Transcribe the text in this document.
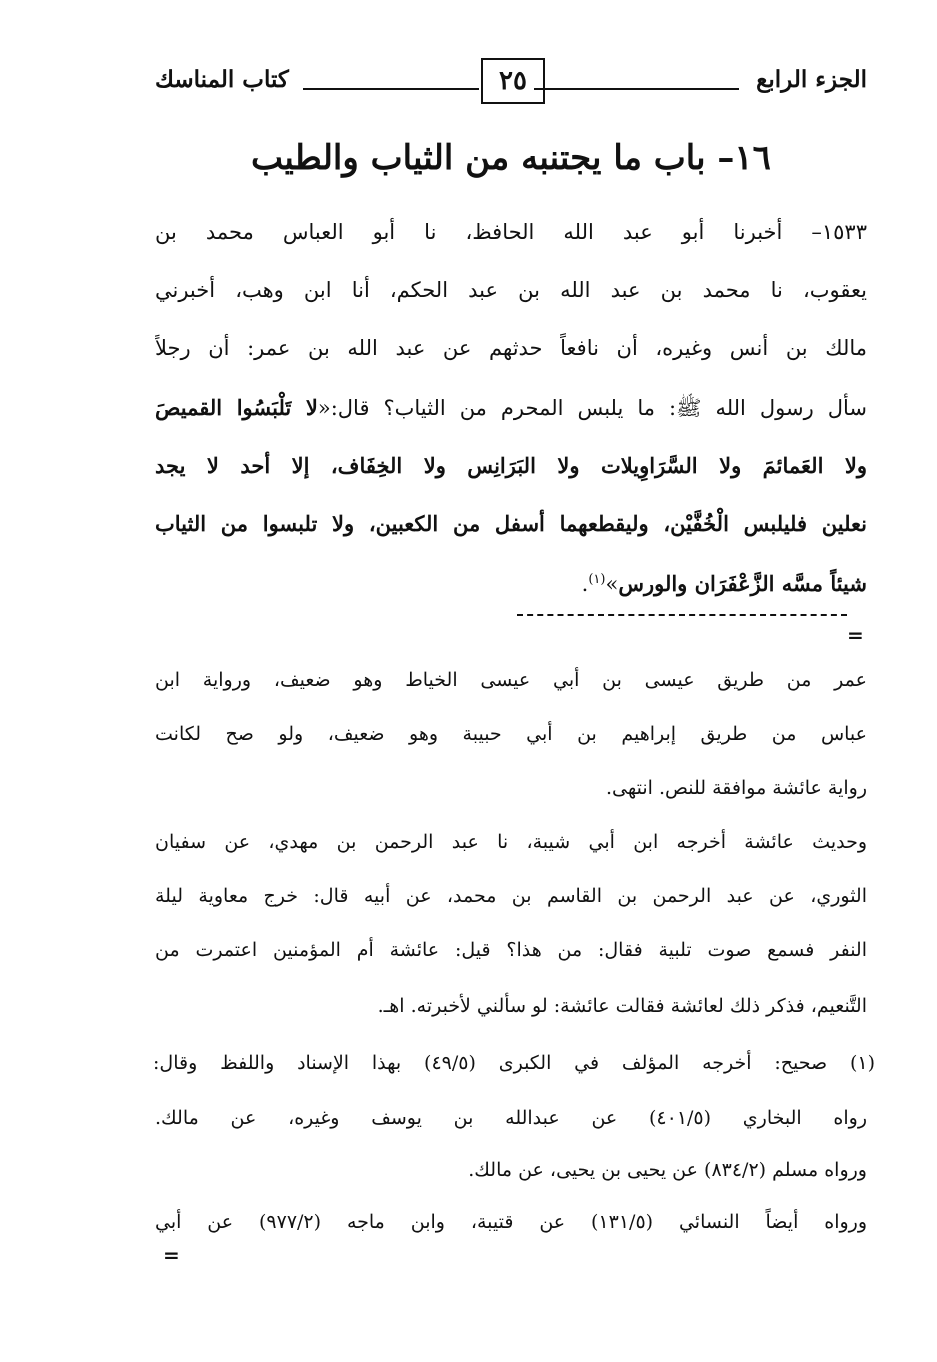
الجزء الرابع
٢٥
كتاب المناسك
١٦– باب ما يجتنبه من الثياب والطيب
١٥٣٣– أخبرنا أبو عبد الله الحافظ، نا أبو العباس محمد بن
يعقوب، نا محمد بن عبد الله بن عبد الحكم، أنا ابن وهب، أخبرني
مالك بن أنس وغيره، أن نافعاً حدثهم عن عبد الله بن عمر: أن رجلاً
سأل رسول الله ﷺ: ما يلبس المحرم من الثياب؟ قال:«لا تَلْبَسُوا القميصَ
ولا العَمائمَ ولا السَّرَاوِيلات ولا البَرَانِس ولا الخِفَاف، إلا أحد لا يجد
نعلين فليلبس الْخُفَّيْن، وليقطعهما أسفل من الكعبين، ولا تلبسوا من الثياب
شيئاً مسَّه الزَّعْفَرَان والورس»$^{(١)}$.
=
عمر من طريق عيسى بن أبي عيسى الخياط وهو ضعيف، ورواية ابن
عباس من طريق إبراهيم بن أبي حبيبة وهو ضعيف، ولو صح لكانت
رواية عائشة موافقة للنص. انتهى.
وحديث عائشة أخرجه ابن أبي شيبة، نا عبد الرحمن بن مهدي، عن سفيان
الثوري، عن عبد الرحمن بن القاسم بن محمد، عن أبيه قال: خرج معاوية ليلة
النفر فسمع صوت تلبية فقال: من هذا؟ قيل: عائشة أم المؤمنين اعتمرت من
التَّنعيم، فذكر ذلك لعائشة فقالت عائشة: لو سألني لأخبرته. اهـ.
(١) صحيح: أخرجه المؤلف في الكبرى (٤٩/٥) بهذا الإسناد واللفظ وقال:
رواه البخاري (٤٠١/٥) عن عبدالله بن يوسف وغيره، عن مالك.
ورواه مسلم (٨٣٤/٢) عن يحيى بن يحيى، عن مالك.
ورواه أيضاً النسائي (١٣١/٥) عن قتيبة، وابن ماجه (٩٧٧/٢) عن أبي
=
